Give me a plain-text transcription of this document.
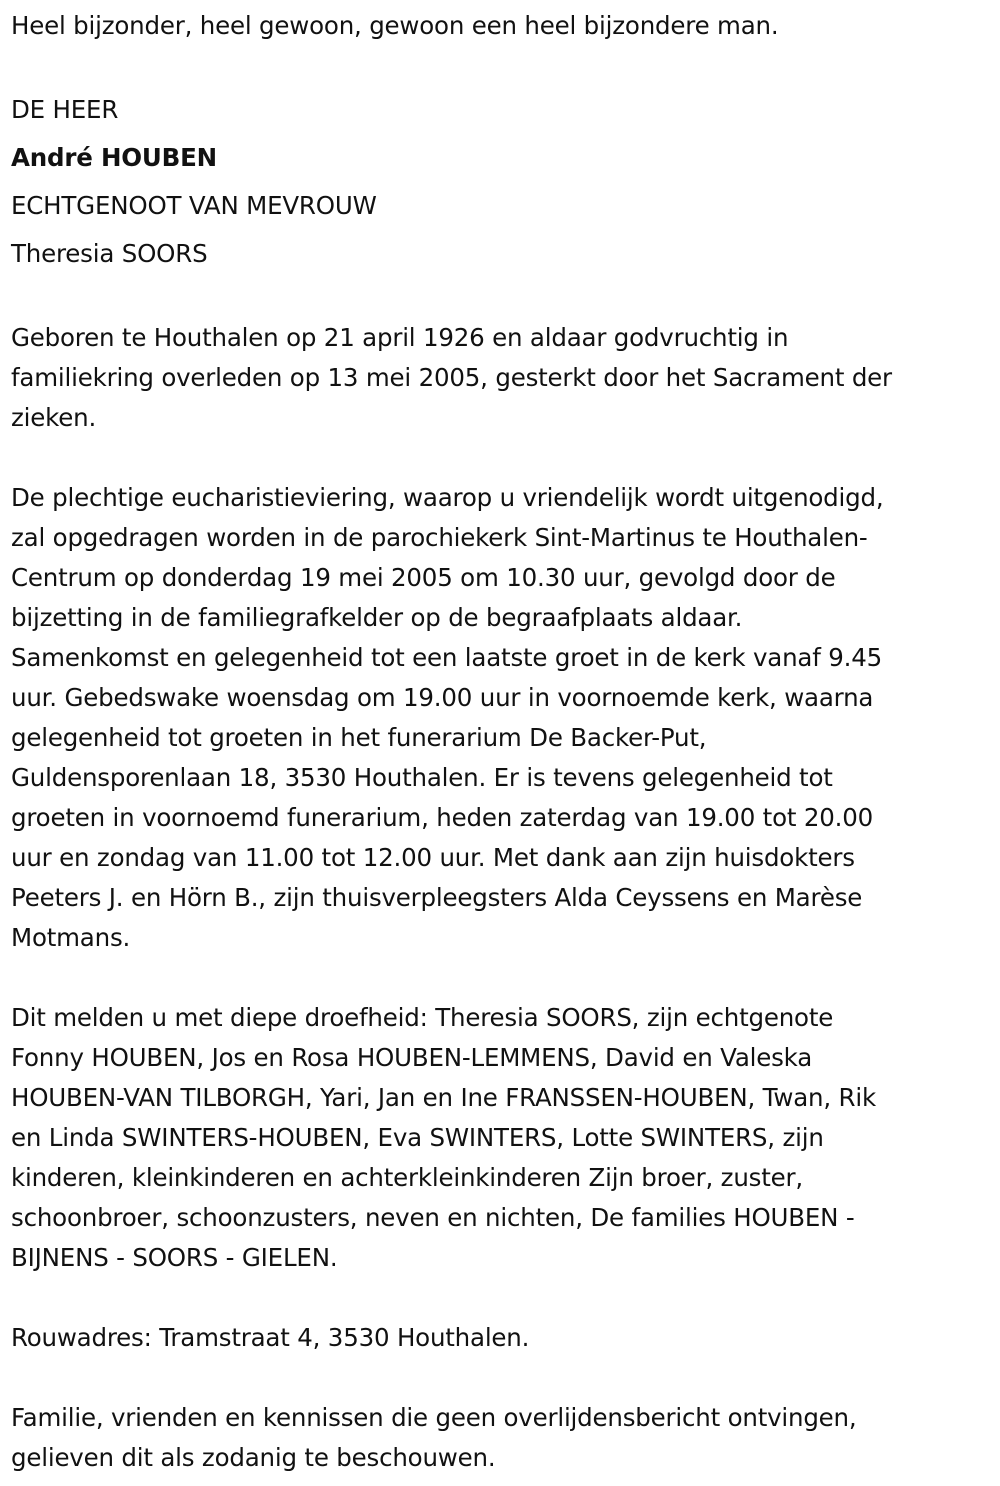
Heel bijzonder, heel gewoon, gewoon een heel bijzondere man.

DE HEER

André HOUBEN

ECHTGENOOT VAN MEVROUW

Theresia SOORS

Geboren te Houthalen op 21 april 1926 en aldaar godvruchtig in

familiekring overleden op 13 mei 2005, gesterkt door het Sacrament der

zieken.

De plechtige eucharistieviering, waarop u vriendelijk wordt uitgenodigd,

zal opgedragen worden in de parochiekerk Sint-Martinus te Houthalen-

Centrum op donderdag 19 mei 2005 om 10.30 uur, gevolgd door de

bijzetting in de familiegrafkelder op de begraafplaats aldaar.

Samenkomst en gelegenheid tot een laatste groet in de kerk vanaf 9.45

uur. Gebedswake woensdag om 19.00 uur in voornoemde kerk, waarna

gelegenheid tot groeten in het funerarium De Backer-Put,

Guldensporenlaan 18, 3530 Houthalen. Er is tevens gelegenheid tot

groeten in voornoemd funerarium, heden zaterdag van 19.00 tot 20.00

uur en zondag van 11.00 tot 12.00 uur. Met dank aan zijn huisdokters

Peeters J. en Hörn B., zijn thuisverpleegsters Alda Ceyssens en Marèse

Motmans.

Dit melden u met diepe droefheid: Theresia SOORS, zijn echtgenote

Fonny HOUBEN, Jos en Rosa HOUBEN-LEMMENS, David en Valeska

HOUBEN-VAN TILBORGH, Yari, Jan en Ine FRANSSEN-HOUBEN, Twan, Rik

en Linda SWINTERS-HOUBEN, Eva SWINTERS, Lotte SWINTERS, zijn

kinderen, kleinkinderen en achterkleinkinderen Zijn broer, zuster,

schoonbroer, schoonzusters, neven en nichten, De families HOUBEN -

BIJNENS - SOORS - GIELEN.

Rouwadres: Tramstraat 4, 3530 Houthalen.

Familie, vrienden en kennissen die geen overlijdensbericht ontvingen,

gelieven dit als zodanig te beschouwen.
